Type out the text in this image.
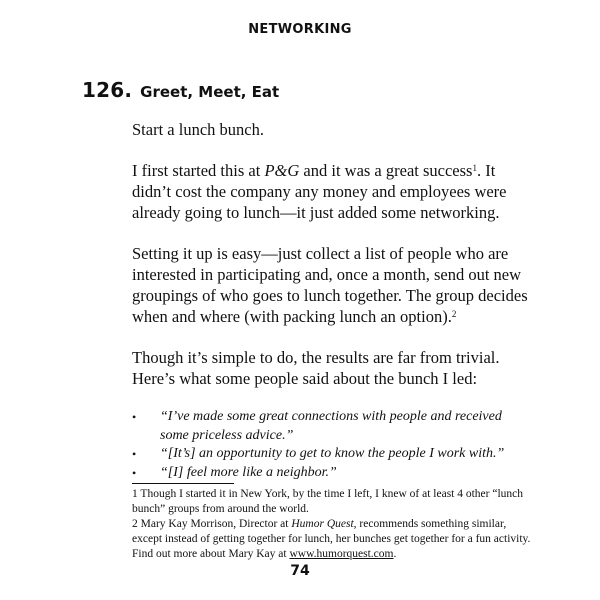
NETWORKING
126. Greet, Meet, Eat

Start a lunch bunch.

I first started this at P&G and it was a great success$^1$. It didn’t cost the company any money and employees were already going to lunch—it just added some networking.

Setting it up is easy—just collect a list of people who are interested in participating and, once a month, send out new groupings of who goes to lunch together. The group decides when and where (with packing lunch an option).$^2$

Though it’s simple to do, the results are far from trivial. Here’s what some people said about the bunch I led:

• “I’ve made some great connections with people and received some priceless advice.”
• “[It’s] an opportunity to get to know the people I work with.”
• “[I] feel more like a neighbor.”

1 Though I started it in New York, by the time I left, I knew of at least 4 other “lunch bunch” groups from around the world.

2 Mary Kay Morrison, Director at Humor Quest, recommends something similar, except instead of getting together for lunch, her bunches get together for a fun activity. Find out more about Mary Kay at www.humorquest.com.

74
